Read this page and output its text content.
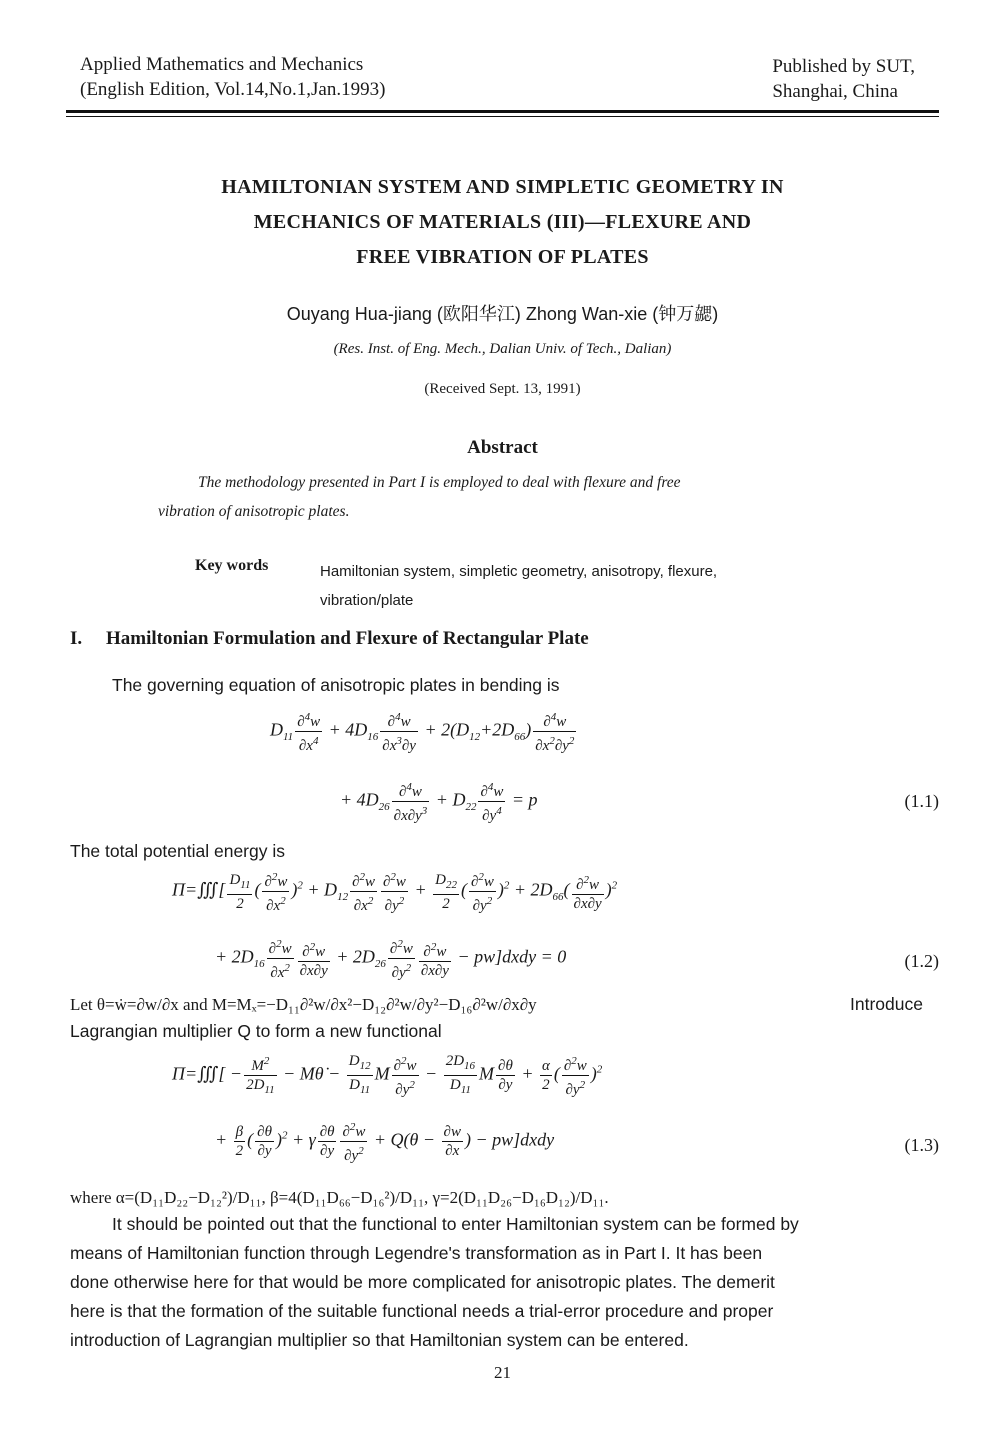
Applied Mathematics and Mechanics
(English Edition, Vol.14,No.1,Jan.1993)
Published by SUT,
Shanghai, China
HAMILTONIAN SYSTEM AND SIMPLETIC GEOMETRY IN
MECHANICS OF MATERIALS (III)—FLEXURE AND
FREE VIBRATION OF PLATES
Ouyang Hua-jiang (欧阳华江) Zhong Wan-xie (钟万勰)
(Res. Inst. of Eng. Mech., Dalian Univ. of Tech., Dalian)
(Received Sept. 13, 1991)
Abstract
The methodology presented in Part I is employed to deal with flexure and free
vibration of anisotropic plates.
Key words	Hamiltonian system, simpletic geometry, anisotropy, flexure,
vibration/plate
I. Hamiltonian Formulation and Flexure of Rectangular Plate
The governing equation of anisotropic plates in bending is
$D_{11} \frac{\partial^4w}{\partial x^4} + 4D_{16} \frac{\partial^4w}{\partial x^3\partial y} + 2(D_{12}+2D_{66}) \frac{\partial^4w}{\partial x^2\partial y^2}$
+ $4D_{26} \frac{\partial^4w}{\partial x\partial y^3} + D_{22} \frac{\partial^4w}{\partial y^4} = p$	(1.1)
The total potential energy is
Π=∭[ $\frac{D_{11}}{2}$ ( $\frac{\partial^2w}{\partial x^2} )^2 + D_{12} \frac{\partial^2w}{\partial x^2} \frac{\partial^2w}{\partial y^2} + \frac{D_{22}}{2}$ ( $\frac{\partial^2w}{\partial y^2} )^2 + 2D_{66}( \frac{\partial^2w}{\partial x\partial y} )^2$
+ $2D_{16} \frac{\partial^2w}{\partial x^2} \frac{\partial^2w}{\partial x\partial y} + 2D_{26} \frac{\partial^2w}{\partial y^2} \frac{\partial^2w}{\partial x\partial y}$ − pw]dxdy = 0	(1.2)
Let θ=ẇ=∂w/∂x and M=Mₓ=−D₁₁∂²w/∂x²−D₁₂∂²w/∂y²−D₁₆∂²w/∂x∂y	Introduce
Lagrangian multiplier Q to form a new functional
Π=∭[ − $\frac{M^2}{2D_{11}}$ − Mθ̇ − $\frac{D_{12}}{D_{11}}$ M $\frac{\partial^2w}{\partial y^2} - \frac{2D_{16}}{D_{11}}$ M $\frac{\partial\theta}{\partial y} + \frac{\alpha}{2}$ ( $\frac{\partial^2w}{\partial y^2} )^2$
+ $\frac{\beta}{2}$ ( $\frac{\partial\theta}{\partial y} )^2 + \gamma \frac{\partial\theta}{\partial y} \frac{\partial^2w}{\partial y^2} + Q(\theta - \frac{\partial w}{\partial x}$ ) − pw]dxdy	(1.3)
where α=(D₁₁D₂₂−D₁₂²)/D₁₁, β=4(D₁₁D₆₆−D₁₆²)/D₁₁, γ=2(D₁₁D₂₆−D₁₆D₁₂)/D₁₁.
It should be pointed out that the functional to enter Hamiltonian system can be formed by
means of Hamiltonian function through Legendre's transformation as in Part I. It has been
done otherwise here for that would be more complicated for anisotropic plates. The demerit
here is that the formation of the suitable functional needs a trial-error procedure and proper
introduction of Lagrangian multiplier so that Hamiltonian system can be entered.
21
